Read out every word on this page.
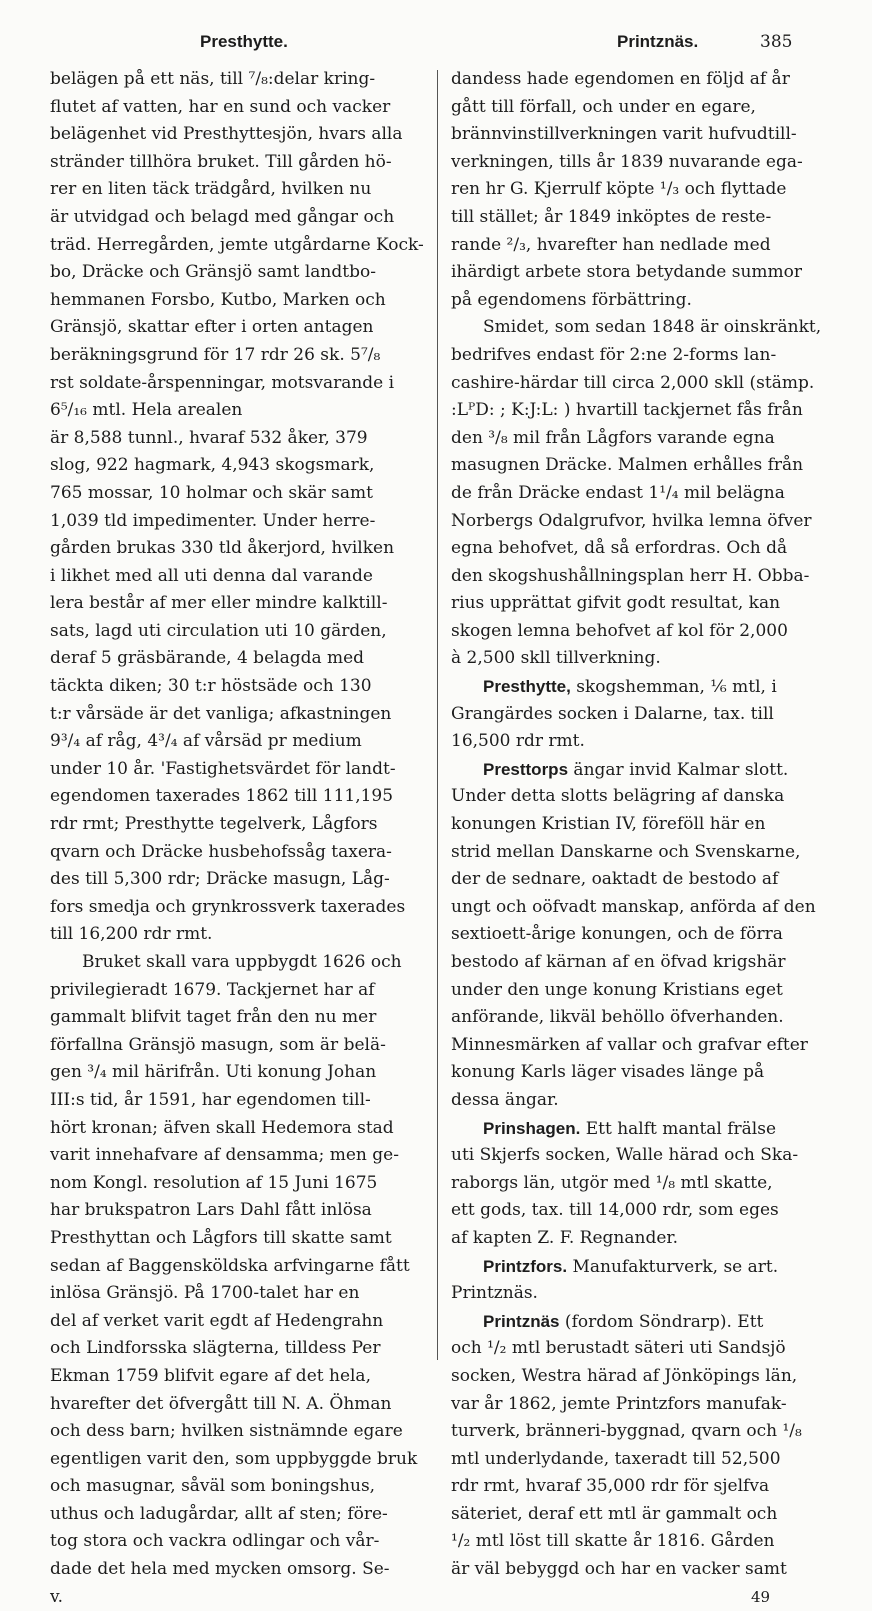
Presthytte.	Printznäs.	385
belägen på ett näs, till ⁷/₈:delar kring-
flutet af vatten, har en sund och vacker
belägenhet vid Presthyttesjön, hvars alla
stränder tillhöra bruket. Till gården hö-
rer en liten täck trädgård, hvilken nu
är utvidgad och belagd med gångar och
träd. Herregården, jemte utgårdarne Kock-
bo, Dräcke och Gränsjö samt landtbo-
hemmanen Forsbo, Kutbo, Marken och
Gränsjö, skattar efter i orten antagen
beräkningsgrund för 17 rdr 26 sk. 5⁷/₈
rst soldate-årspenningar, motsvarande i
6⁵/₁₆ mtl. Hela arealen
är 8,588 tunnl., hvaraf 532 åker, 379
slog, 922 hagmark, 4,943 skogsmark,
765 mossar, 10 holmar och skär samt
1,039 tld impedimenter. Under herre-
gården brukas 330 tld åkerjord, hvilken
i likhet med all uti denna dal varande
lera består af mer eller mindre kalktill-
sats, lagd uti circulation uti 10 gärden,
deraf 5 gräsbärande, 4 belagda med
täckta diken; 30 t:r höstsäde och 130
t:r vårsäde är det vanliga; afkastningen
9³/₄ af råg, 4³/₄ af vårsäd pr medium
under 10 år. 'Fastighetsvärdet för landt-
egendomen taxerades 1862 till 111,195
rdr rmt; Presthytte tegelverk, Lågfors
qvarn och Dräcke husbehofssåg taxera-
des till 5,300 rdr; Dräcke masugn, Låg-
fors smedja och grynkrossverk taxerades
till 16,200 rdr rmt.
Bruket skall vara uppbygdt 1626 och
privilegieradt 1679. Tackjernet har af
gammalt blifvit taget från den nu mer
förfallna Gränsjö masugn, som är belä-
gen ³/₄ mil härifrån. Uti konung Johan
III:s tid, år 1591, har egendomen till-
hört kronan; äfven skall Hedemora stad
varit innehafvare af densamma; men ge-
nom Kongl. resolution af 15 Juni 1675
har brukspatron Lars Dahl fått inlösa
Presthyttan och Lågfors till skatte samt
sedan af Baggensköldska arfvingarne fått
inlösa Gränsjö. På 1700-talet har en
del af verket varit egdt af Hedengrahn
och Lindforsska slägterna, tilldess Per
Ekman 1759 blifvit egare af det hela,
hvarefter det öfvergått till N. A. Öhman
och dess barn; hvilken sistnämnde egare
egentligen varit den, som uppbyggde bruk
och masugnar, såväl som boningshus,
uthus och ladugårdar, allt af sten; före-
tog stora och vackra odlingar och vår-
dade det hela med mycken omsorg. Se-
v.
dandess hade egendomen en följd af år
gått till förfall, och under en egare,
brännvinstillverkningen varit hufvudtill-
verkningen, tills år 1839 nuvarande ega-
ren hr G. Kjerrulf köpte ¹/₃ och flyttade
till stället; år 1849 inköptes de reste-
rande ²/₃, hvarefter han nedlade med
ihärdigt arbete stora betydande summor
på egendomens förbättring.
Smidet, som sedan 1848 är oinskränkt,
bedrifves endast för 2:ne 2-forms lan-
cashire-härdar till circa 2,000 skll (stämp.
:LᴾD: ; K:J:L: ) hvartill tackjernet fås från
den ³/₈ mil från Lågfors varande egna
masugnen Dräcke. Malmen erhålles från
de från Dräcke endast 1¹/₄ mil belägna
Norbergs Odalgrufvor, hvilka lemna öfver
egna behofvet, då så erfordras. Och då
den skogshushållningsplan herr H. Obba-
rius upprättat gifvit godt resultat, kan
skogen lemna behofvet af kol för 2,000
à 2,500 skll tillverkning.
Presthytte, skogshemman, ⅙ mtl, i
Grangärdes socken i Dalarne, tax. till
16,500 rdr rmt.
Presttorps ängar invid Kalmar slott.
Under detta slotts belägring af danska
konungen Kristian IV, föreföll här en
strid mellan Danskarne och Svenskarne,
der de sednare, oaktadt de bestodo af
ungt och oöfvadt manskap, anförda af den
sextioett-årige konungen, och de förra
bestodo af kärnan af en öfvad krigshär
under den unge konung Kristians eget
anförande, likväl behöllo öfverhanden.
Minnesmärken af vallar och grafvar efter
konung Karls läger visades länge på
dessa ängar.
Prinshagen. Ett halft mantal frälse
uti Skjerfs socken, Walle härad och Ska-
raborgs län, utgör med ¹/₈ mtl skatte,
ett gods, tax. till 14,000 rdr, som eges
af kapten Z. F. Regnander.
Printzfors. Manufakturverk, se art.
Printznäs.
Printznäs (fordom Söndrarp). Ett
och ¹/₂ mtl berustadt säteri uti Sandsjö
socken, Westra härad af Jönköpings län,
var år 1862, jemte Printzfors manufak-
turverk, bränneri-byggnad, qvarn och ¹/₈
mtl underlydande, taxeradt till 52,500
rdr rmt, hvaraf 35,000 rdr för sjelfva
säteriet, deraf ett mtl är gammalt och
¹/₂ mtl löst till skatte år 1816. Gården
är väl bebyggd och har en vacker samt
49
